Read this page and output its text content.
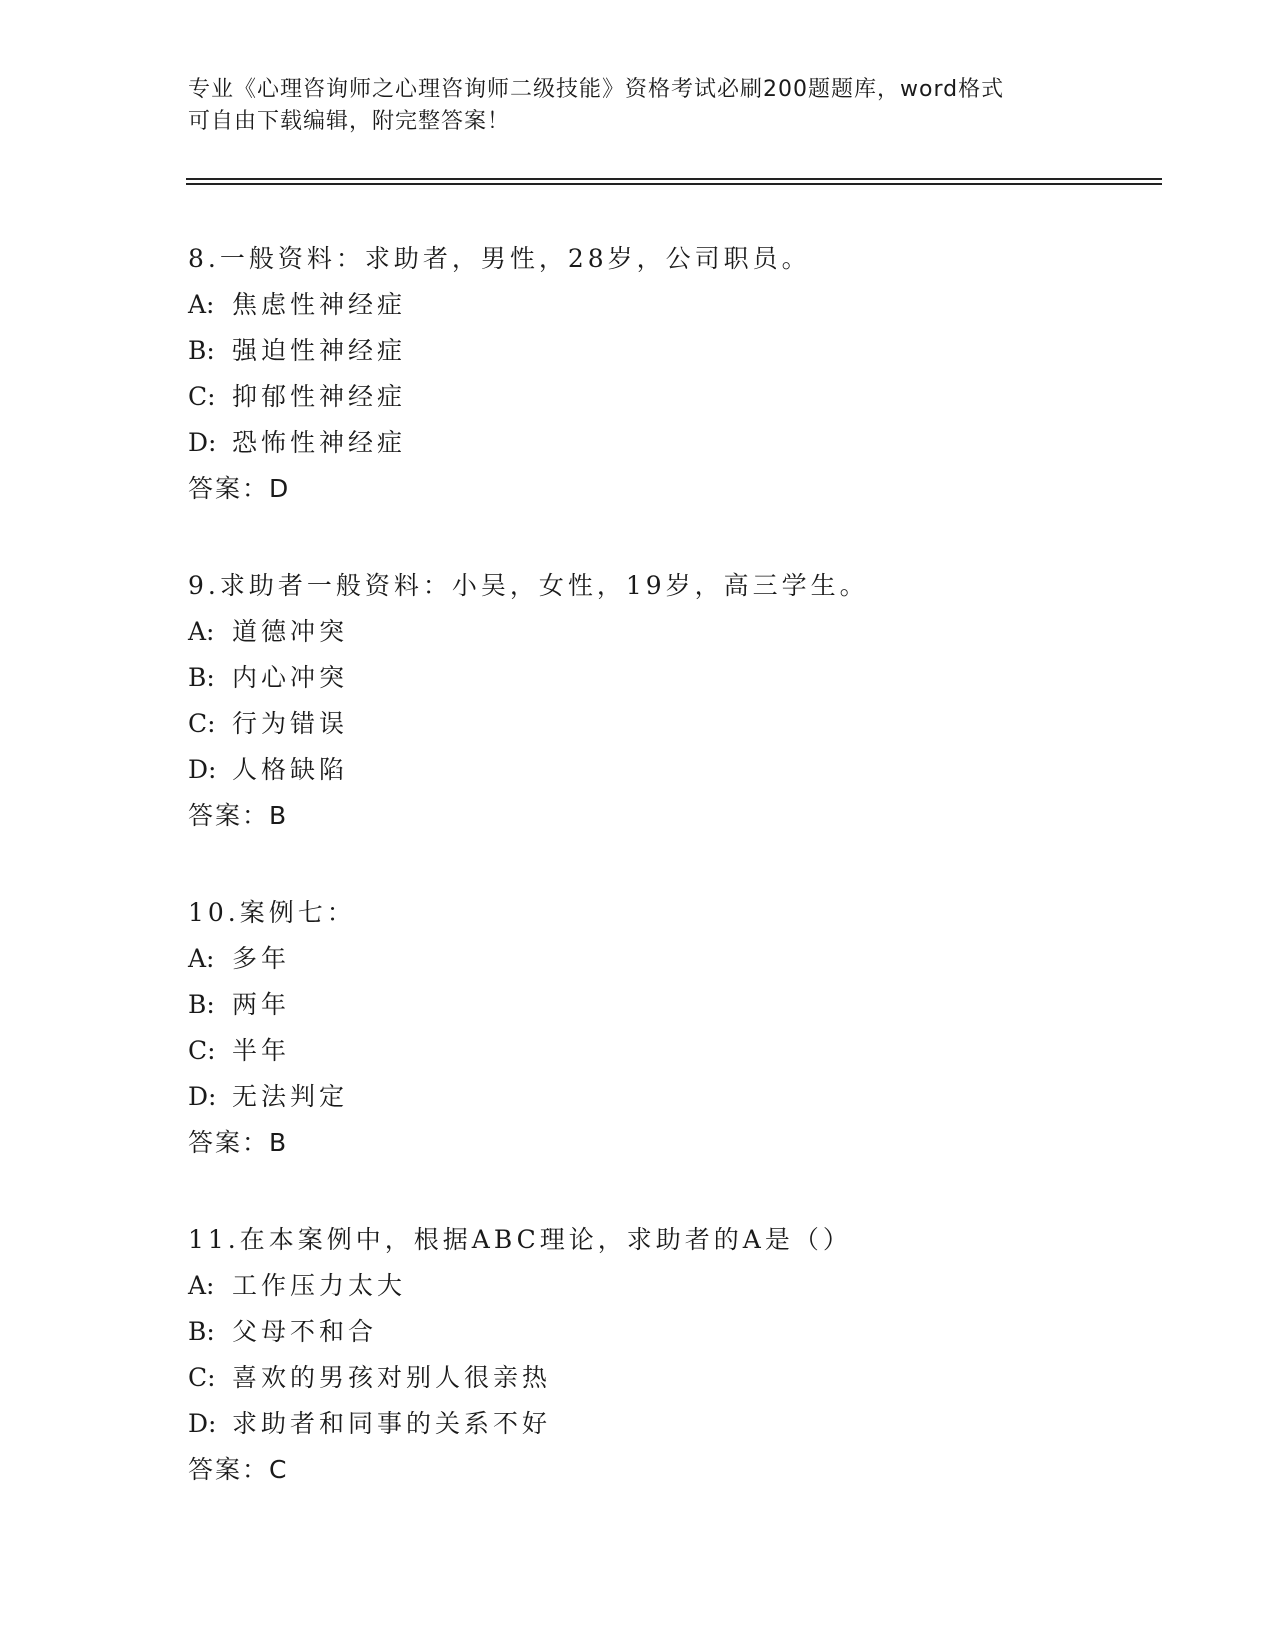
专业《心理咨询师之心理咨询师二级技能》资格考试必刷200题题库，word格式
可自由下载编辑，附完整答案！
8.一般资料：求助者，男性，28岁，公司职员。
A: 焦虑性神经症
B: 强迫性神经症
C: 抑郁性神经症
D: 恐怖性神经症
答案：D
9.求助者一般资料：小吴，女性，19岁，高三学生。
A: 道德冲突
B: 内心冲突
C: 行为错误
D: 人格缺陷
答案：B
10.案例七：
A: 多年
B: 两年
C: 半年
D: 无法判定
答案：B
11.在本案例中，根据ABC理论，求助者的A是（）
A: 工作压力太大
B: 父母不和合
C: 喜欢的男孩对别人很亲热
D: 求助者和同事的关系不好
答案：C
